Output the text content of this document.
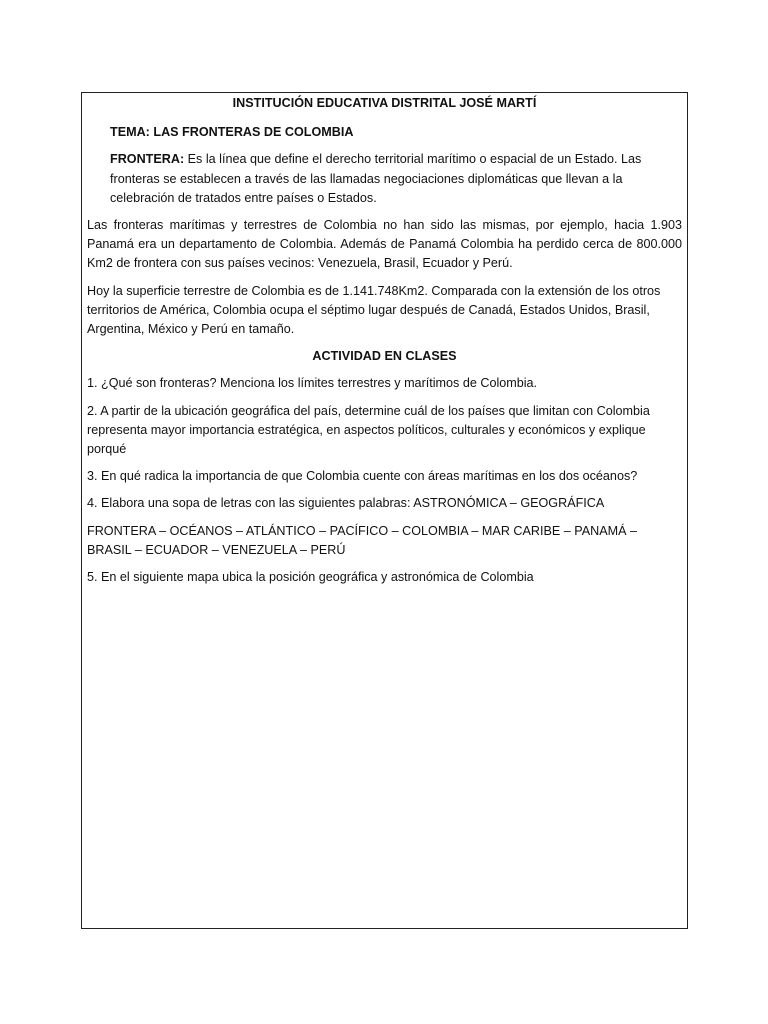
INSTITUCIÓN EDUCATIVA DISTRITAL JOSÉ MARTÍ

TEMA: LAS FRONTERAS DE COLOMBIA

FRONTERA: Es la línea que define el derecho territorial marítimo o espacial de un Estado. Las fronteras se establecen a través de las llamadas negociaciones diplomáticas que llevan a la celebración de tratados entre países o Estados.

Las fronteras marítimas y terrestres de Colombia no han sido las mismas, por ejemplo, hacia 1.903 Panamá era un departamento de Colombia. Además de Panamá Colombia ha perdido cerca de 800.000 Km2 de frontera con sus países vecinos: Venezuela, Brasil, Ecuador y Perú.

Hoy la superficie terrestre de Colombia es de 1.141.748Km2. Comparada con la extensión de los otros territorios de América, Colombia ocupa el séptimo lugar después de Canadá, Estados Unidos, Brasil, Argentina, México y Perú en tamaño.

ACTIVIDAD EN CLASES

1. ¿Qué son fronteras? Menciona los límites terrestres y marítimos de Colombia.

2. A partir de la ubicación geográfica del país, determine cuál de los países que limitan con Colombia representa mayor importancia estratégica, en aspectos políticos, culturales y económicos y explique porqué

3. En qué radica la importancia de que Colombia cuente con áreas marítimas en los dos océanos?

4. Elabora una sopa de letras con las siguientes palabras: ASTRONÓMICA – GEOGRÁFICA

FRONTERA – OCÉANOS – ATLÁNTICO – PACÍFICO – COLOMBIA – MAR CARIBE – PANAMÁ – BRASIL – ECUADOR – VENEZUELA – PERÚ

5. En el siguiente mapa ubica la posición geográfica y astronómica de Colombia
